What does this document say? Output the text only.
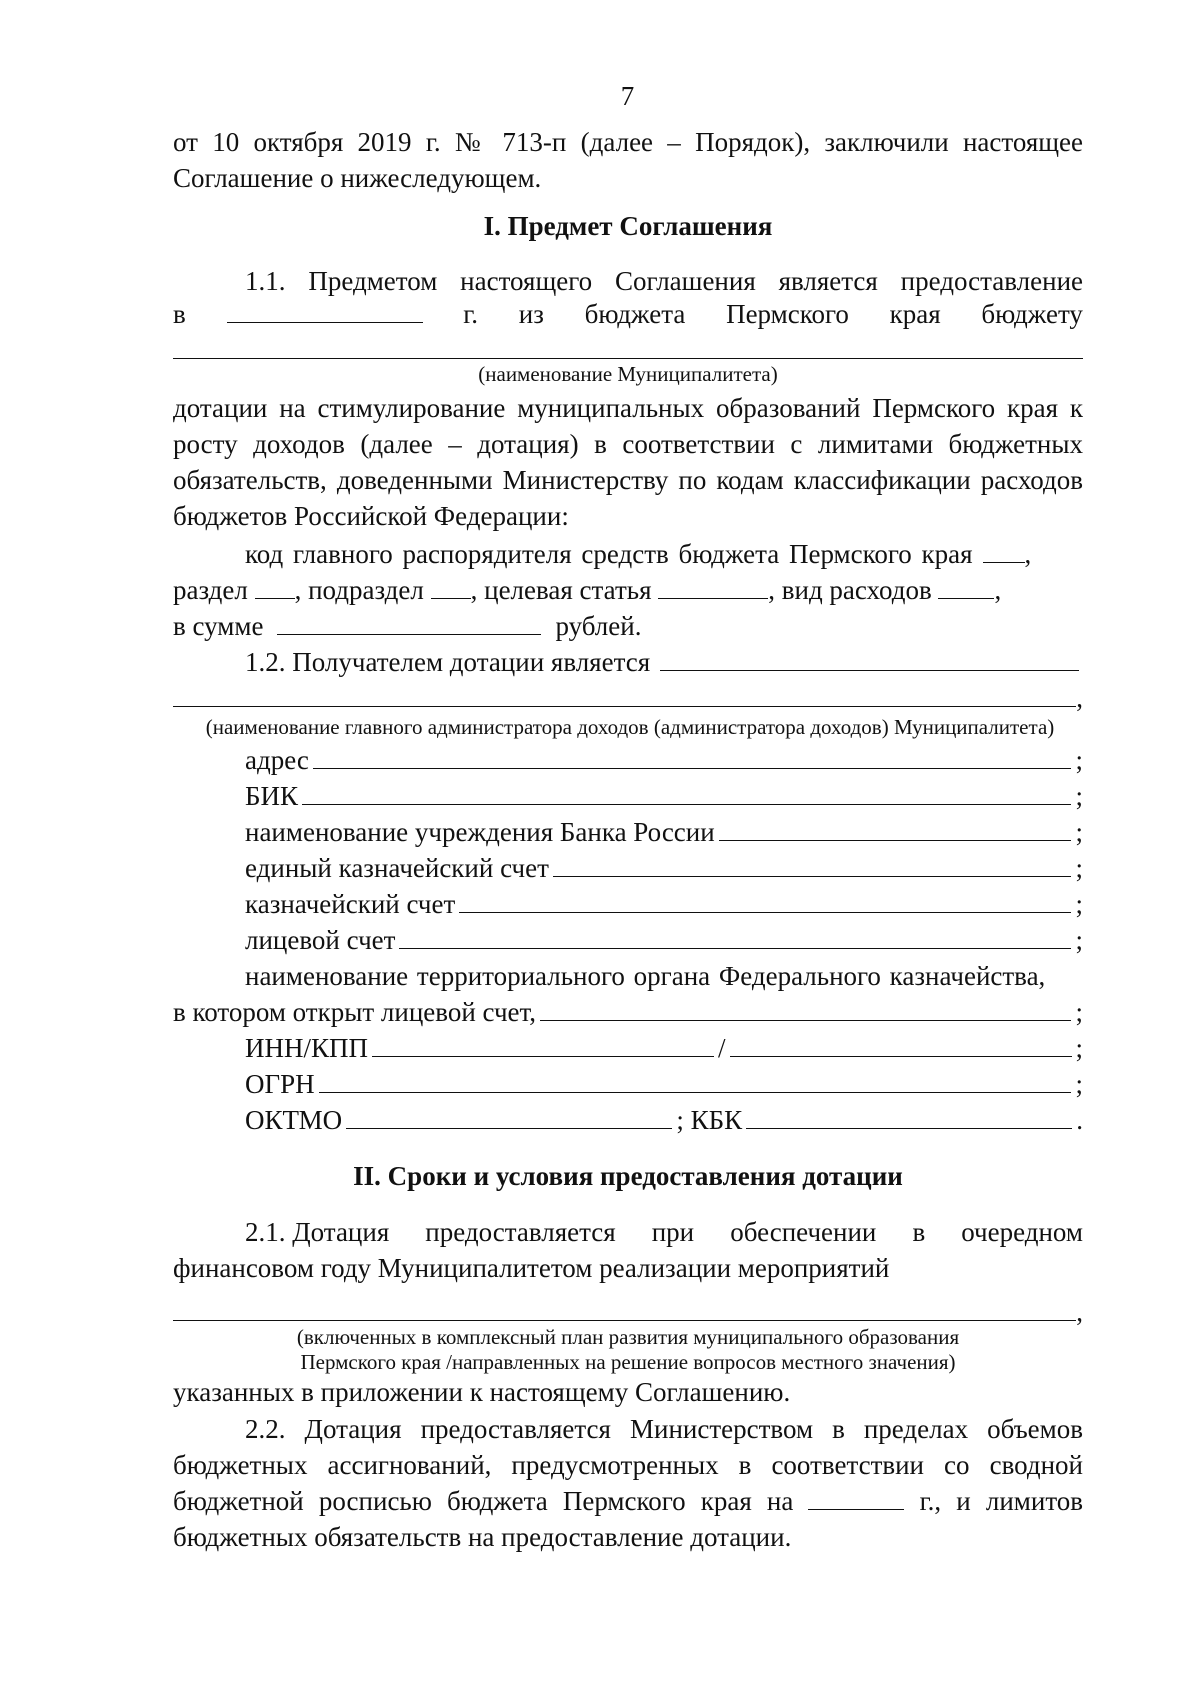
7

от 10 октября 2019 г. № 713-п (далее – Порядок), заключили настоящее

Соглашение о нижеследующем.

I. Предмет Соглашения

1.1. Предметом настоящего Соглашения является предоставление

в	г. из бюджета Пермского края бюджету

(наименование Муниципалитета)

дотации на стимулирование муниципальных образований Пермского края к росту доходов (далее – дотация) в соответствии с лимитами бюджетных обязательств, доведенными Министерству по кодам классификации расходов бюджетов Российской Федерации:

код главного распорядителя средств бюджета Пермского края ,
раздел , подраздел , целевая статья	, вид расходов ,
в сумме	рублей.
1.2. Получателем дотации является
,

(наименование главного администратора доходов (администратора доходов) Муниципалитета)

адрес	;
БИК	;
наименование учреждения Банка России	;
единый казначейский счет	;
казначейский счет	;
лицевой счет	;
наименование территориального органа Федерального казначейства,
в котором открыт лицевой счет,	;
ИНН/КПП	/	;
ОГРН	;
ОКТМО	; КБК	.

II. Сроки и условия предоставления дотации

2.1. Дотация предоставляется при обеспечении в очередном

финансовом году Муниципалитетом реализации мероприятий

,

(включенных в комплексный план развития муниципального образования

Пермского края /направленных на решение вопросов местного значения)

указанных в приложении к настоящему Соглашению.

2.2. Дотация предоставляется Министерством в пределах объемов бюджетных ассигнований, предусмотренных в соответствии со сводной бюджетной росписью бюджета Пермского края на	г., и лимитов бюджетных обязательств на предоставление дотации.
